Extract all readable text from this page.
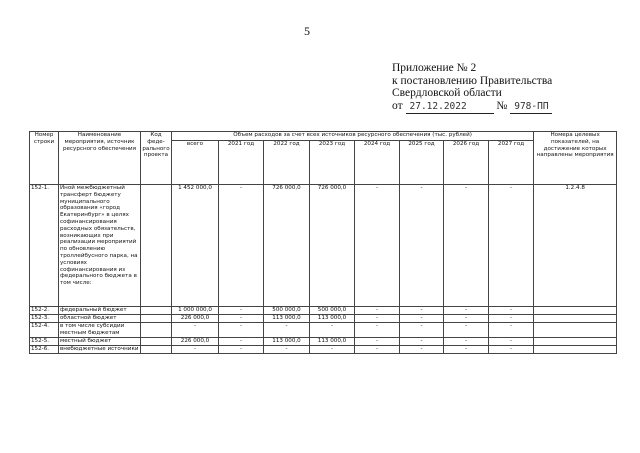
5
Приложение № 2
к постановлению Правительства
Свердловской области
от 27.12.2022	№ 978-ПП
Номер строки	Наименование мероприятия, источник ресурсного обеспечения	Код феде-рального проекта	Объем расходов за счет всех источников ресурсного обеспечения (тыс. рублей)								Номера целевых показателей, на достижение которых направлены мероприятия
			всего	2021 год	2022 год	2023 год	2024 год	2025 год	2026 год	2027 год	
152-1.	Иной межбюджетный трансферт бюджету муниципального образования «город Екатеринбург» в целях софинансирования расходных обязательств, возникающих при реализации мероприятий по обновлению троллейбусного парка, на условиях софинансирования из федерального бюджета в том числе:		1 452 000,0	-	726 000,0	726 000,0	-	-	-	-	1.2.4.8
152-2.	федеральный бюджет		1 000 000,0	-	500 000,0	500 000,0	-	-	-	-	
152-3.	областной бюджет		226 000,0	-	113 000,0	113 000,0	-	-	-	-	
152-4.	в том числе субсидии местным бюджетам		-	-	-	-	-	-	-	-	
152-5.	местный бюджет		226 000,0	-	113 000,0	113 000,0	-	-	-	-	
152-6.	внебюджетные источники		-	-	-	-	-	-	-	-	
